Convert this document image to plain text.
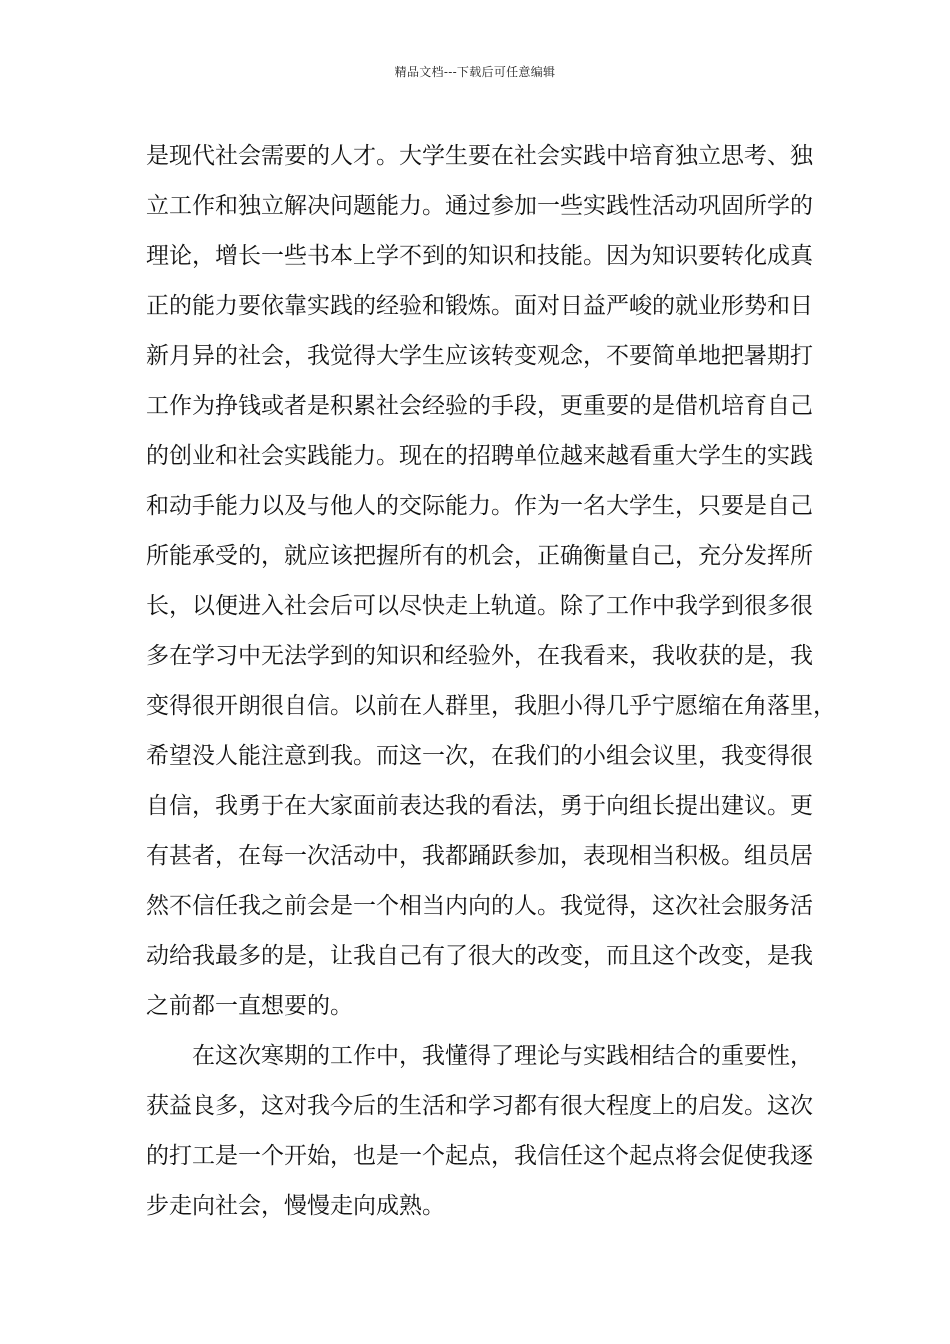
精品文档---下载后可任意编辑
是现代社会需要的人才。大学生要在社会实践中培育独立思考、独
立工作和独立解决问题能力。通过参加一些实践性活动巩固所学的
理论，增长一些书本上学不到的知识和技能。因为知识要转化成真
正的能力要依靠实践的经验和锻炼。面对日益严峻的就业形势和日
新月异的社会，我觉得大学生应该转变观念，不要简单地把暑期打
工作为挣钱或者是积累社会经验的手段，更重要的是借机培育自己
的创业和社会实践能力。现在的招聘单位越来越看重大学生的实践
和动手能力以及与他人的交际能力。作为一名大学生，只要是自己
所能承受的，就应该把握所有的机会，正确衡量自己，充分发挥所
长，以便进入社会后可以尽快走上轨道。除了工作中我学到很多很
多在学习中无法学到的知识和经验外，在我看来，我收获的是，我
变得很开朗很自信。以前在人群里，我胆小得几乎宁愿缩在角落里，
希望没人能注意到我。而这一次，在我们的小组会议里，我变得很
自信，我勇于在大家面前表达我的看法，勇于向组长提出建议。更
有甚者，在每一次活动中，我都踊跃参加，表现相当积极。组员居
然不信任我之前会是一个相当内向的人。我觉得，这次社会服务活
动给我最多的是，让我自己有了很大的改变，而且这个改变，是我
之前都一直想要的。
在这次寒期的工作中，我懂得了理论与实践相结合的重要性，
获益良多，这对我今后的生活和学习都有很大程度上的启发。这次
的打工是一个开始，也是一个起点，我信任这个起点将会促使我逐
步走向社会，慢慢走向成熟。
